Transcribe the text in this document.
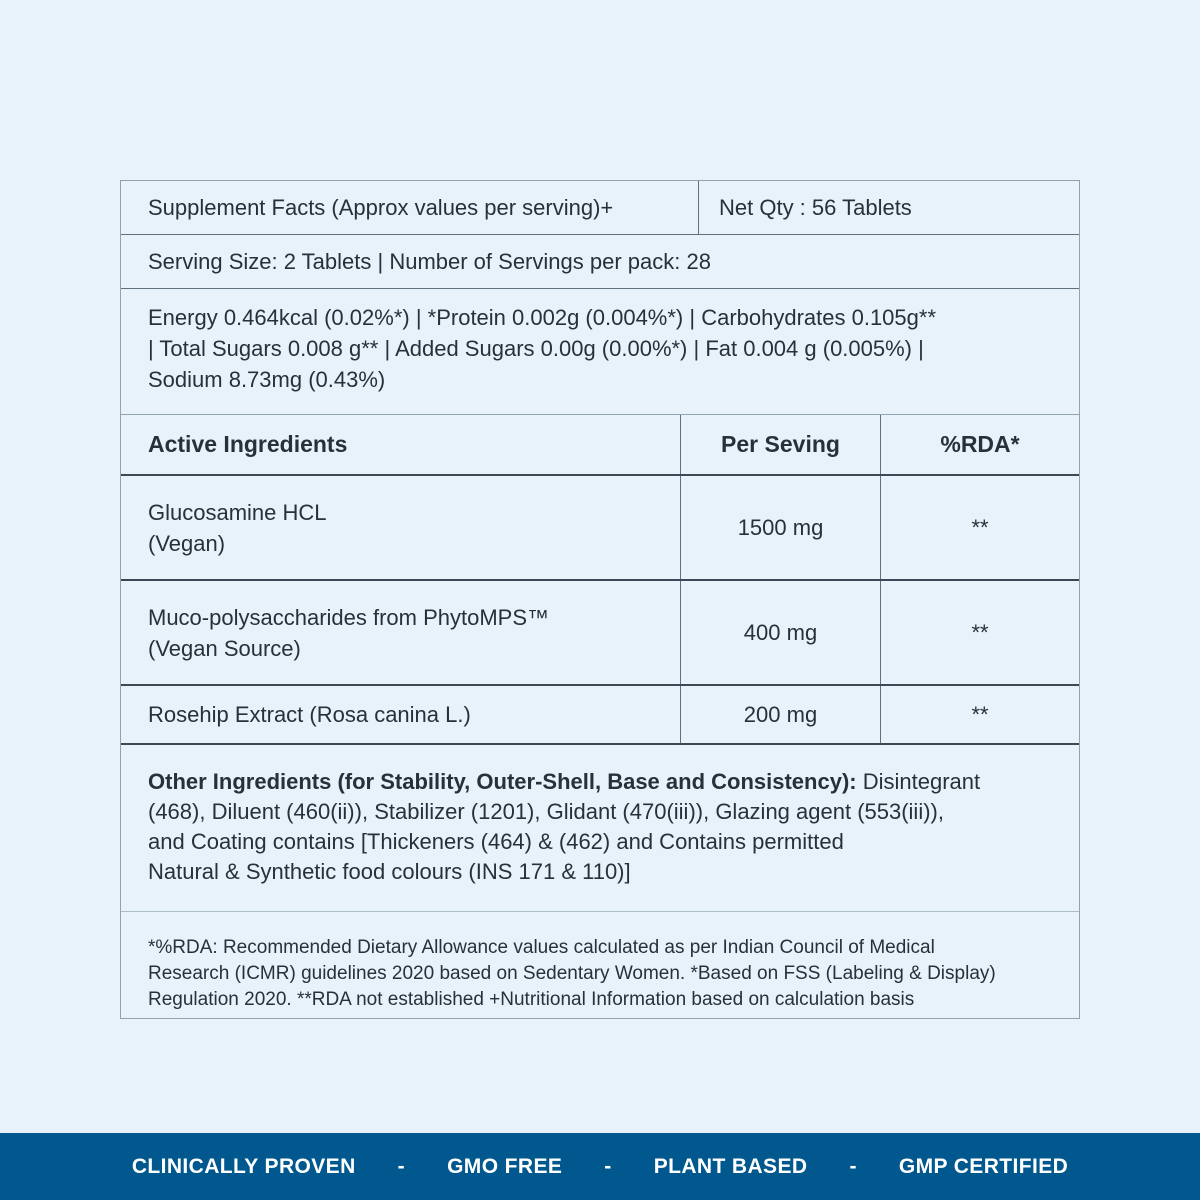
Supplement Facts (Approx values per serving)+	Net Qty : 56 Tablets
Serving Size: 2 Tablets | Number of Servings per pack: 28
Energy 0.464kcal (0.02%*) | *Protein 0.002g (0.004%*) | Carbohydrates 0.105g**
| Total Sugars 0.008 g** | Added Sugars 0.00g (0.00%*) | Fat 0.004 g (0.005%) |
Sodium 8.73mg (0.43%)
Active Ingredients	Per Seving	%RDA*
Glucosamine HCL
(Vegan)
1500 mg	**
Muco-polysaccharides from PhytoMPS™
(Vegan Source)
400 mg	**
Rosehip Extract (Rosa canina L.)	200 mg	**
Other Ingredients (for Stability, Outer-Shell, Base and Consistency): Disintegrant
(468), Diluent (460(ii)), Stabilizer (1201), Glidant (470(iii)), Glazing agent (553(iii)),
and Coating contains [Thickeners (464) & (462) and Contains permitted
Natural & Synthetic food colours (INS 171 & 110)]
*%RDA: Recommended Dietary Allowance values calculated as per Indian Council of Medical
Research (ICMR) guidelines 2020 based on Sedentary Women. *Based on FSS (Labeling & Display)
Regulation 2020. **RDA not established +Nutritional Information based on calculation basis
CLINICALLY PROVEN - GMO FREE - PLANT BASED - GMP CERTIFIED
